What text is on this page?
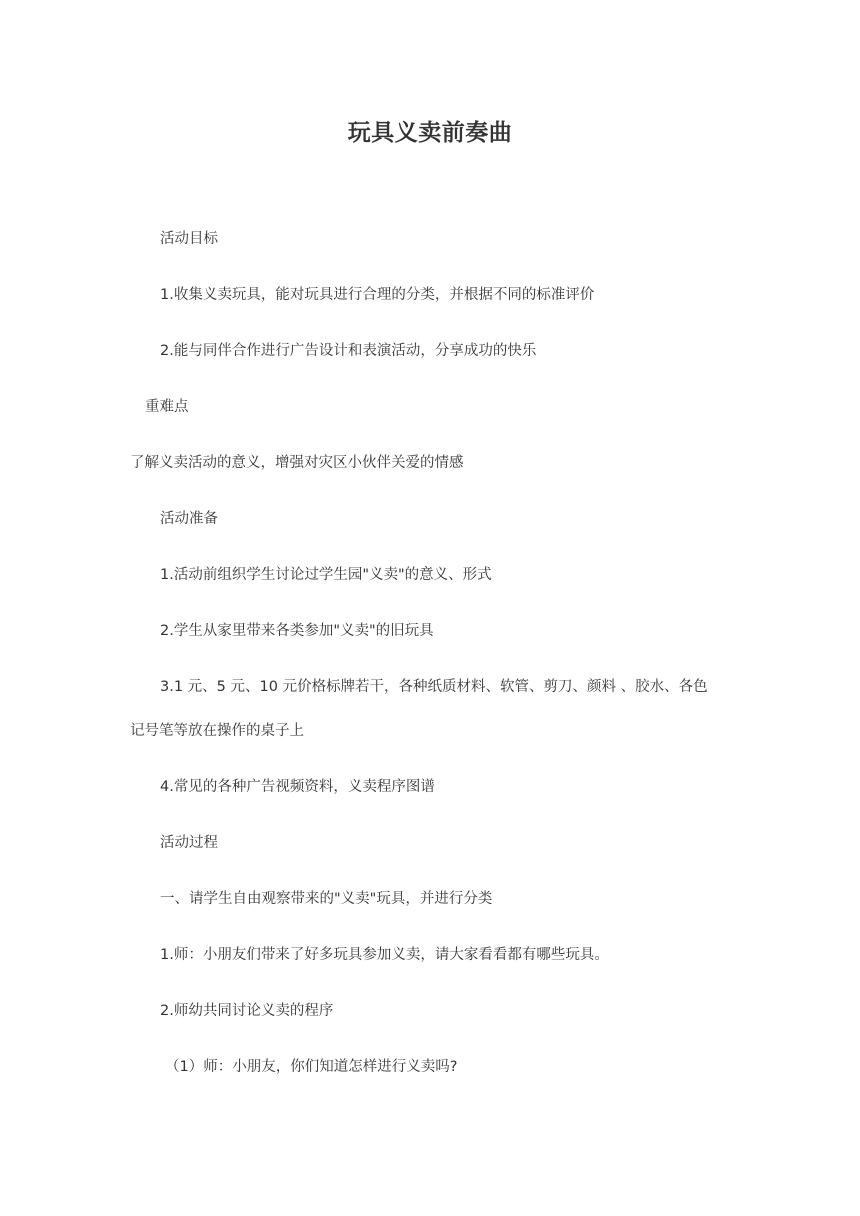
玩具义卖前奏曲
活动目标
1.收集义卖玩具，能对玩具进行合理的分类，并根据不同的标准评价
2.能与同伴合作进行广告设计和表演活动，分享成功的快乐
重难点
了解义卖活动的意义，增强对灾区小伙伴关爱的情感
活动准备
1.活动前组织学生讨论过学生园"义卖"的意义、形式
2.学生从家里带来各类参加"义卖"的旧玩具
3.1 元、5 元、10 元价格标牌若干，各种纸质材料、软管、剪刀、颜料 、胶水、各色
记号笔等放在操作的桌子上
4.常见的各种广告视频资料，义卖程序图谱
活动过程
一、请学生自由观察带来的"义卖"玩具，并进行分类
1.师：小朋友们带来了好多玩具参加义卖，请大家看看都有哪些玩具。
2.师幼共同讨论义卖的程序
（1）师：小朋友，你们知道怎样进行义卖吗?
